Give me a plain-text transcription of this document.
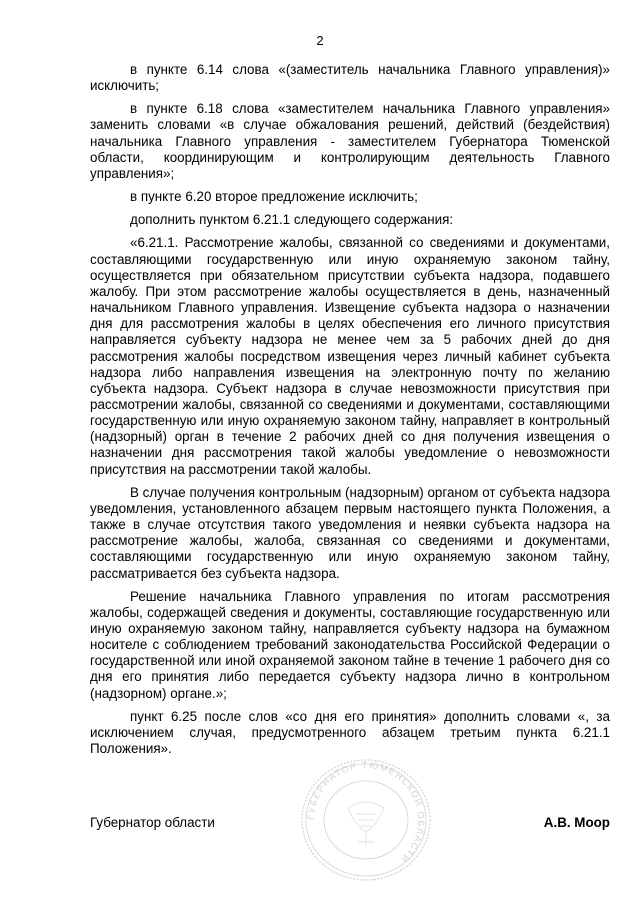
2

в пункте 6.14 слова «(заместитель начальника Главного управления)» исключить;

в пункте 6.18 слова «заместителем начальника Главного управления» заменить словами «в случае обжалования решений, действий (бездействия) начальника Главного управления - заместителем Губернатора Тюменской области, координирующим и контролирующим деятельность Главного управления»;

в пункте 6.20 второе предложение исключить;

дополнить пунктом 6.21.1 следующего содержания:

«6.21.1. Рассмотрение жалобы, связанной со сведениями и документами, составляющими государственную или иную охраняемую законом тайну, осуществляется при обязательном присутствии субъекта надзора, подавшего жалобу. При этом рассмотрение жалобы осуществляется в день, назначенный начальником Главного управления. Извещение субъекта надзора о назначении дня для рассмотрения жалобы в целях обеспечения его личного присутствия направляется субъекту надзора не менее чем за 5 рабочих дней до дня рассмотрения жалобы посредством извещения через личный кабинет субъекта надзора либо направления извещения на электронную почту по желанию субъекта надзора. Субъект надзора в случае невозможности присутствия при рассмотрении жалобы, связанной со сведениями и документами, составляющими государственную или иную охраняемую законом тайну, направляет в контрольный (надзорный) орган в течение 2 рабочих дней со дня получения извещения о назначении дня рассмотрения такой жалобы уведомление о невозможности присутствия на рассмотрении такой жалобы.

В случае получения контрольным (надзорным) органом от субъекта надзора уведомления, установленного абзацем первым настоящего пункта Положения, а также в случае отсутствия такого уведомления и неявки субъекта надзора на рассмотрение жалобы, жалоба, связанная со сведениями и документами, составляющими государственную или иную охраняемую законом тайну, рассматривается без субъекта надзора.

Решение начальника Главного управления по итогам рассмотрения жалобы, содержащей сведения и документы, составляющие государственную или иную охраняемую законом тайну, направляется субъекту надзора на бумажном носителе с соблюдением требований законодательства Российской Федерации о государственной или иной охраняемой законом тайне в течение 1 рабочего дня со дня его принятия либо передается субъекту надзора лично в контрольном (надзорном) органе.»;

пункт 6.25 после слов «со дня его принятия» дополнить словами «, за исключением случая, предусмотренного абзацем третьим пункта 6.21.1 Положения».

ГУБЕРНАТОР ТЮМЕНСКОЙ ОБЛАСТИ
Губернатор области	А.В. Моор
